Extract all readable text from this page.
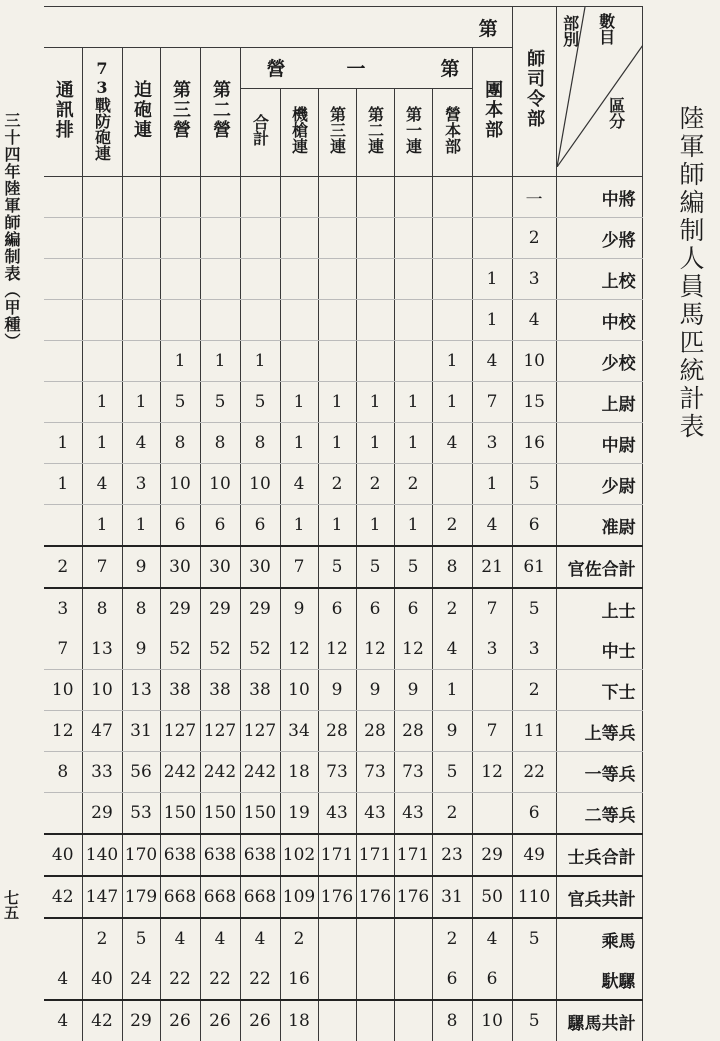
三十四年陸軍師編制表（甲種）
七五
陸軍師編制人員馬匹統計表
第												師司令部	部別 數目
區分

通訊排	73戰防砲連	迫砲連	第三營	第二營	營 一 第						團本部		
					合計	機槍連	第三連	第二連	第一連	營本部			
												一	中將
												2	少將
											1	3	上校
											1	4	中校
			1	1	1					1	4	10	少校
	1	1	5	5	5	1	1	1	1	1	7	15	上尉
1	1	4	8	8	8	1	1	1	1	4	3	16	中尉
1	4	3	10	10	10	4	2	2	2		1	5	少尉
	1	1	6	6	6	1	1	1	1	2	4	6	准尉
2	7	9	30	30	30	7	5	5	5	8	21	61	官佐合計
3	8	8	29	29	29	9	6	6	6	2	7	5	上士
7	13	9	52	52	52	12	12	12	12	4	3	3	中士
10	10	13	38	38	38	10	9	9	9	1		2	下士
12	47	31	127	127	127	34	28	28	28	9	7	11	上等兵
8	33	56	242	242	242	18	73	73	73	5	12	22	一等兵
	29	53	150	150	150	19	43	43	43	2		6	二等兵
40	140	170	638	638	638	102	171	171	171	23	29	49	士兵合計
42	147	179	668	668	668	109	176	176	176	31	50	110	官兵共計
	2	5	4	4	4	2				2	4	5	乘馬
4	40	24	22	22	22	16				6	6		馱騾
4	42	29	26	26	26	18				8	10	5	騾馬共計
